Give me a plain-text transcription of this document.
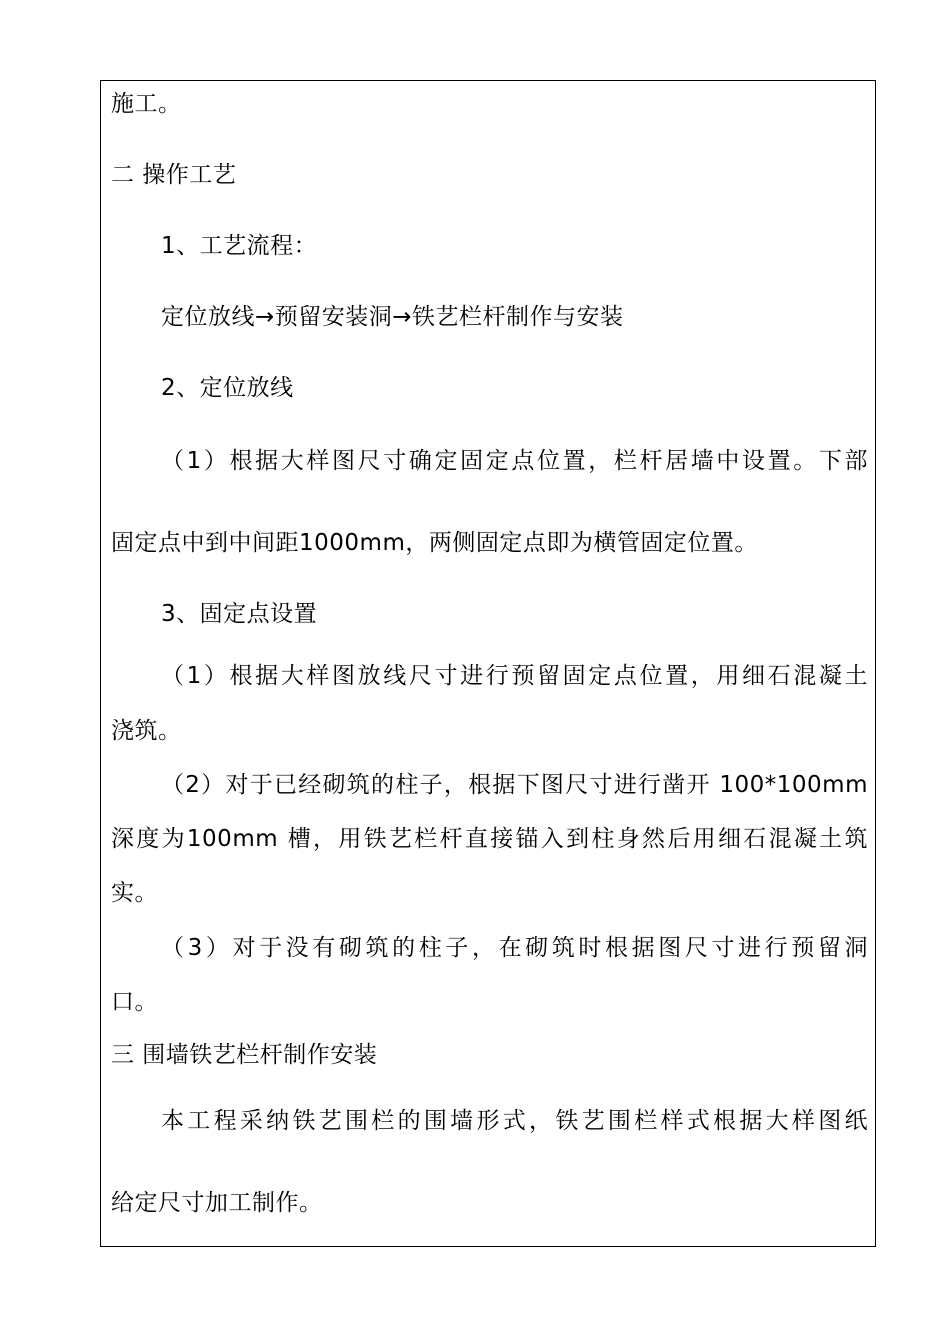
施工。
二 操作工艺
1、工艺流程：
定位放线→预留安装洞→铁艺栏杆制作与安装
2、定位放线
（1）根据大样图尺寸确定固定点位置，栏杆居墙中设置。下部
固定点中到中间距1000mm，两侧固定点即为横管固定位置。
3、固定点设置
（1）根据大样图放线尺寸进行预留固定点位置，用细石混凝土
浇筑。
（2）对于已经砌筑的柱子，根据下图尺寸进行凿开 100*100mm
深度为100mm 槽，用铁艺栏杆直接锚入到柱身然后用细石混凝土筑
实。
（3）对于没有砌筑的柱子，在砌筑时根据图尺寸进行预留洞
口。
三 围墙铁艺栏杆制作安装
本工程采纳铁艺围栏的围墙形式，铁艺围栏样式根据大样图纸
给定尺寸加工制作。
